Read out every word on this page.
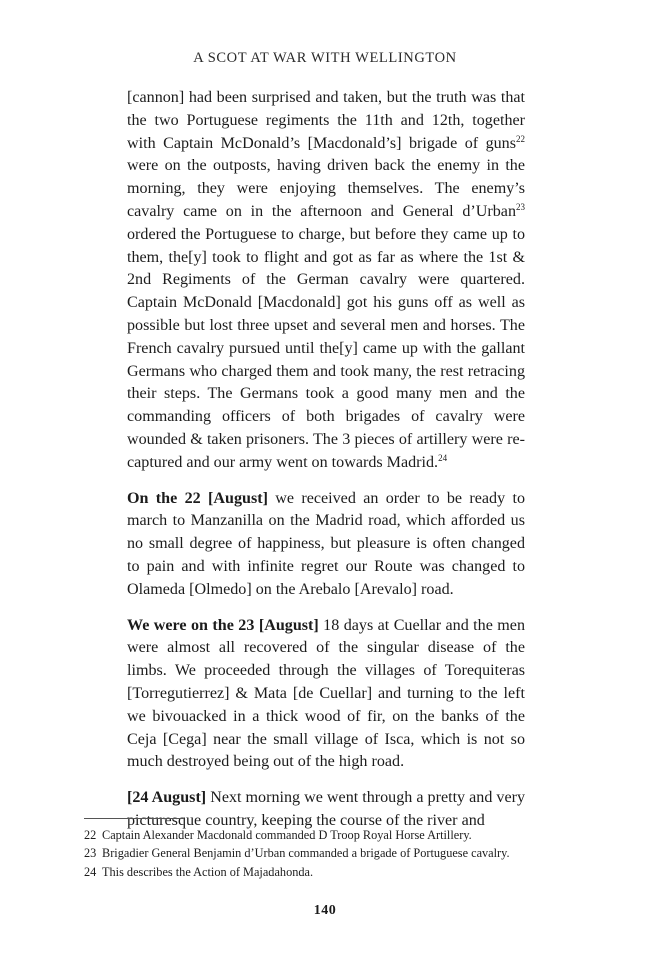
A SCOT AT WAR WITH WELLINGTON

[cannon] had been surprised and taken, but the truth was that the two Portuguese regiments the 11th and 12th, together with Captain McDonald’s [Macdonald’s] brigade of guns$^{22}$ were on the outposts, having driven back the enemy in the morning, they were enjoying themselves. The enemy’s cavalry came on in the afternoon and General d’Urban$^{23}$ ordered the Portuguese to charge, but before they came up to them, the[y] took to flight and got as far as where the 1st & 2nd Regiments of the German cavalry were quartered. Captain McDonald [Macdonald] got his guns off as well as possible but lost three upset and several men and horses. The French cavalry pursued until the[y] came up with the gallant Germans who charged them and took many, the rest retracing their steps. The Germans took a good many men and the commanding officers of both brigades of cavalry were wounded & taken prisoners. The 3 pieces of artillery were re-captured and our army went on towards Madrid.$^{24}$

On the 22 [August] we received an order to be ready to march to Manzanilla on the Madrid road, which afforded us no small degree of happiness, but pleasure is often changed to pain and with infinite regret our Route was changed to Olameda [Olmedo] on the Arebalo [Arevalo] road.

We were on the 23 [August] 18 days at Cuellar and the men were almost all recovered of the singular disease of the limbs. We proceeded through the villages of Torequiteras [Torregutierrez] & Mata [de Cuellar] and turning to the left we bivouacked in a thick wood of fir, on the banks of the Ceja [Cega] near the small village of Isca, which is not so much destroyed being out of the high road.

[24 August] Next morning we went through a pretty and very picturesque country, keeping the course of the river and

22 Captain Alexander Macdonald commanded D Troop Royal Horse Artillery.
23 Brigadier General Benjamin d’Urban commanded a brigade of Portuguese cavalry.
24 This describes the Action of Majadahonda.
140
